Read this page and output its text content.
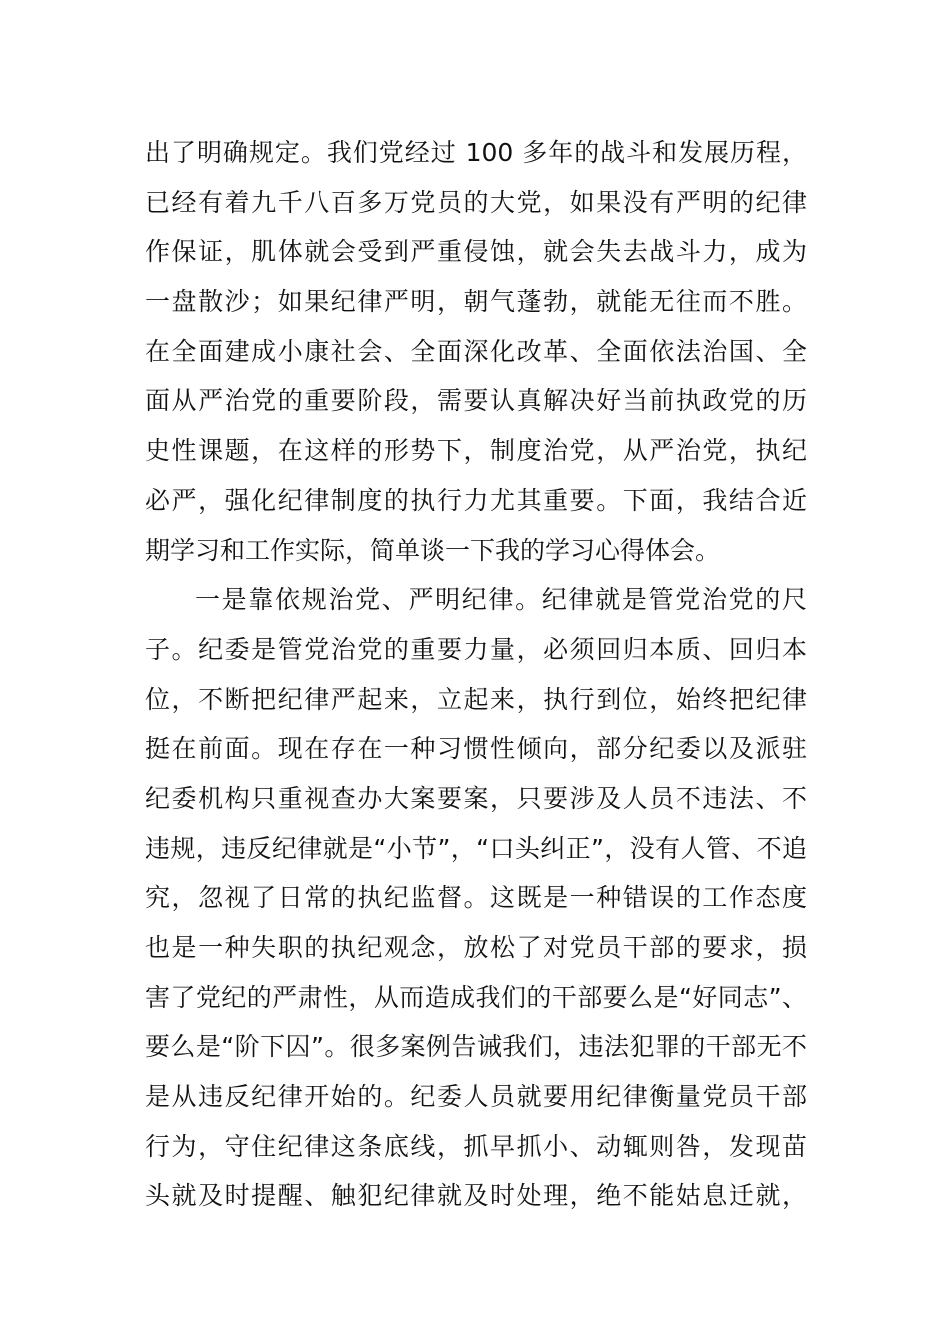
出了明确规定。我们党经过 100 多年的战斗和发展历程，
已经有着九千八百多万党员的大党，如果没有严明的纪律
作保证，肌体就会受到严重侵蚀，就会失去战斗力，成为
一盘散沙；如果纪律严明，朝气蓬勃，就能无往而不胜。
在全面建成小康社会、全面深化改革、全面依法治国、全
面从严治党的重要阶段，需要认真解决好当前执政党的历
史性课题，在这样的形势下，制度治党，从严治党，执纪
必严，强化纪律制度的执行力尤其重要。下面，我结合近
期学习和工作实际，简单谈一下我的学习心得体会。
一是靠依规治党、严明纪律。纪律就是管党治党的尺
子。纪委是管党治党的重要力量，必须回归本质、回归本
位，不断把纪律严起来，立起来，执行到位，始终把纪律
挺在前面。现在存在一种习惯性倾向，部分纪委以及派驻
纪委机构只重视查办大案要案，只要涉及人员不违法、不
违规，违反纪律就是“小节”，“口头纠正”，没有人管、不追
究，忽视了日常的执纪监督。这既是一种错误的工作态度
也是一种失职的执纪观念，放松了对党员干部的要求，损
害了党纪的严肃性，从而造成我们的干部要么是“好同志”、
要么是“阶下囚”。很多案例告诫我们，违法犯罪的干部无不
是从违反纪律开始的。纪委人员就要用纪律衡量党员干部
行为，守住纪律这条底线，抓早抓小、动辄则咎，发现苗
头就及时提醒、触犯纪律就及时处理，绝不能姑息迁就，
